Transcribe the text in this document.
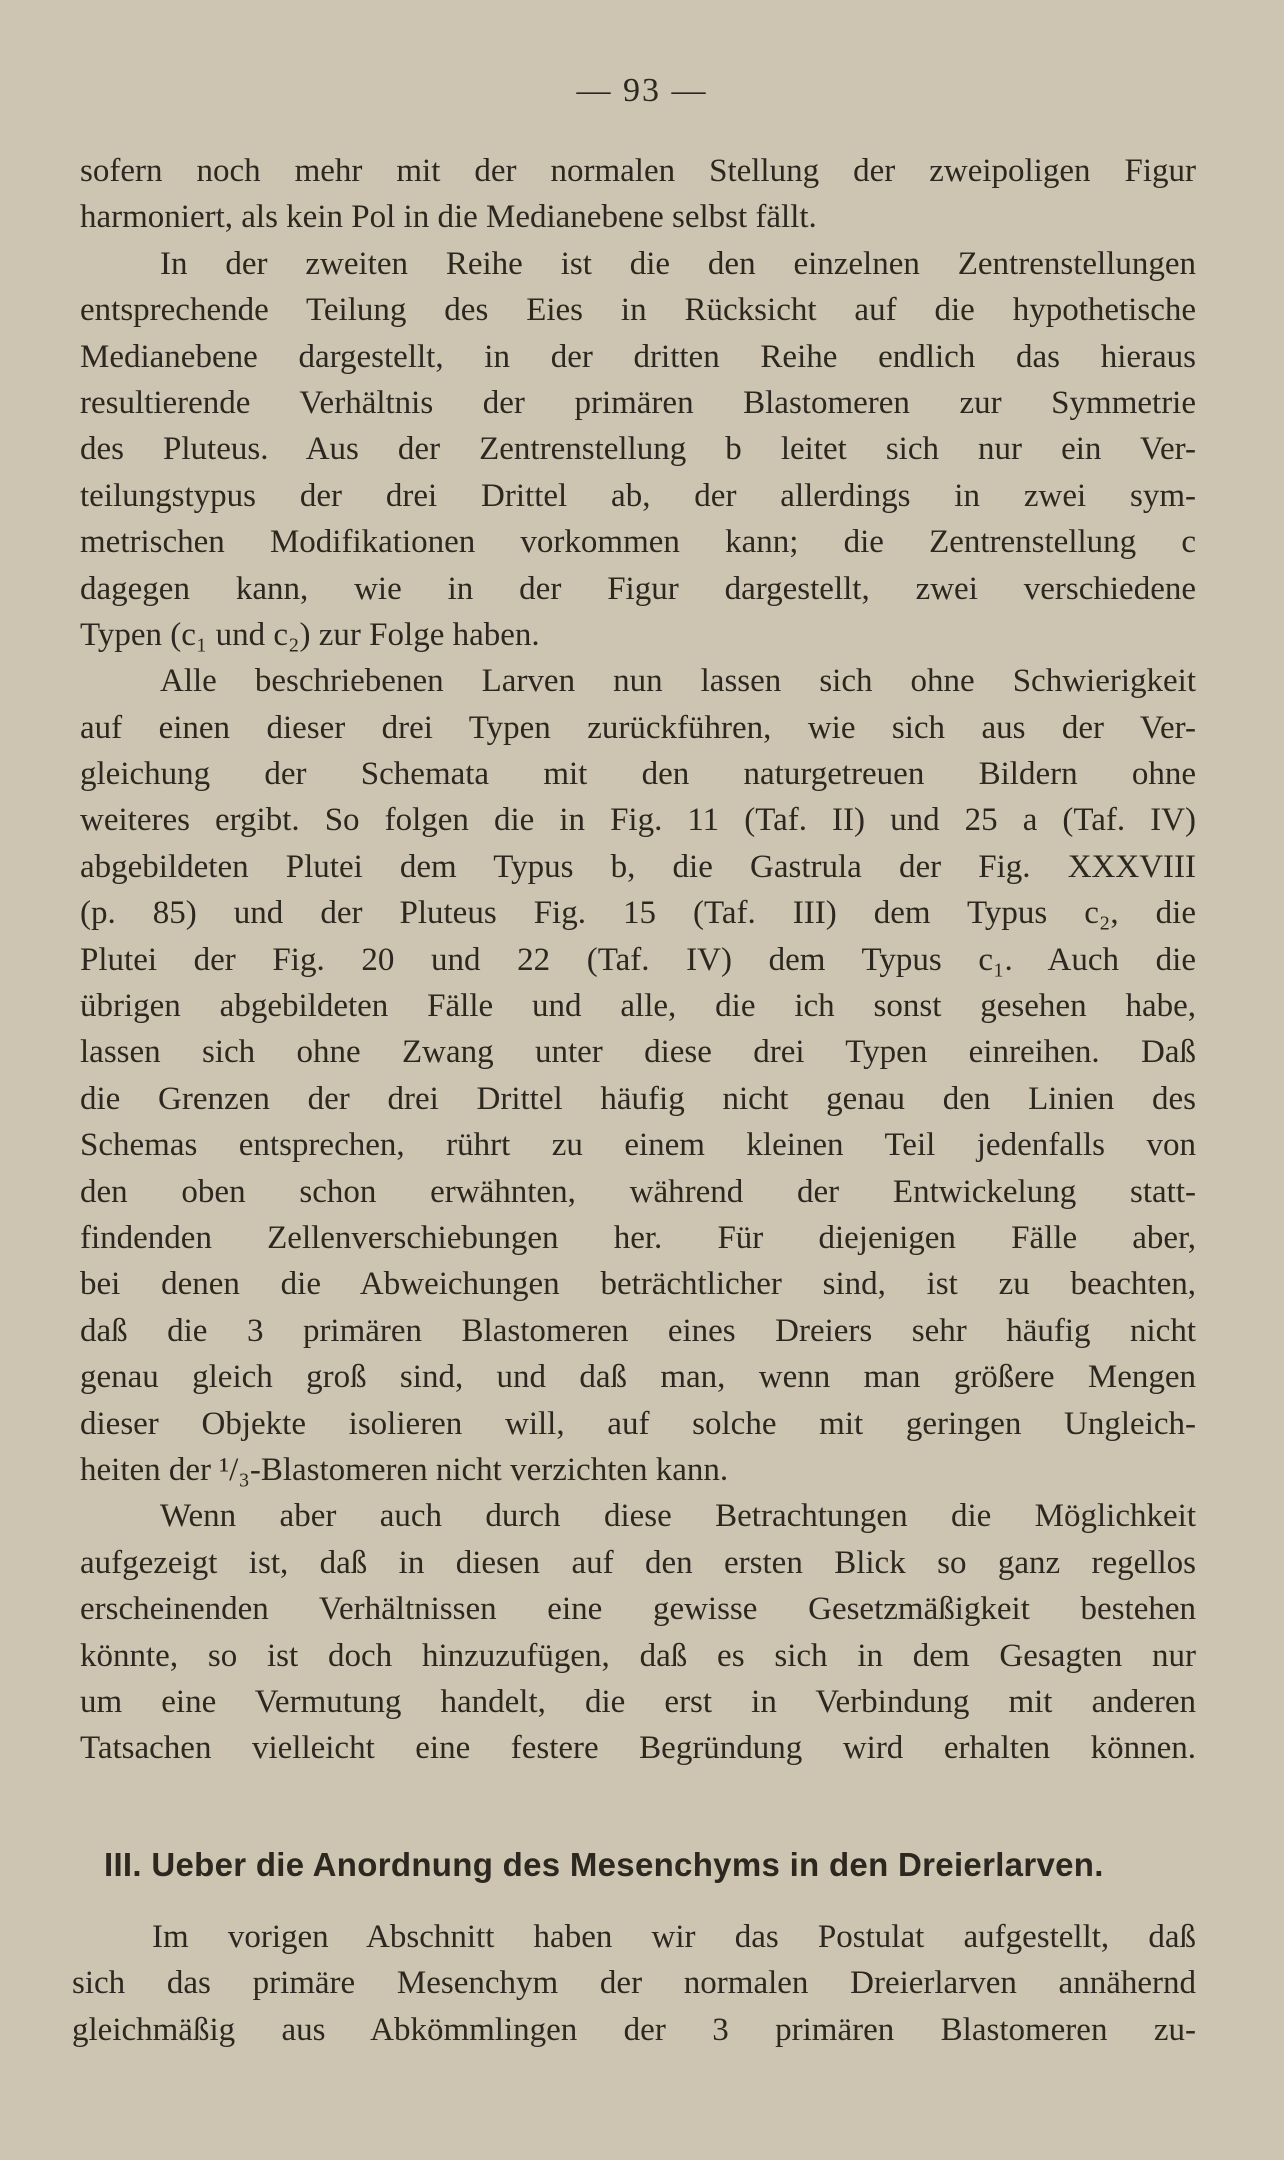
— 93 —
sofern noch mehr mit der normalen Stellung der zweipoligen Figur
harmoniert, als kein Pol in die Medianebene selbst fällt.
In der zweiten Reihe ist die den einzelnen Zentrenstellungen
entsprechende Teilung des Eies in Rücksicht auf die hypothetische
Medianebene dargestellt, in der dritten Reihe endlich das hieraus
resultierende Verhältnis der primären Blastomeren zur Symmetrie
des Pluteus. Aus der Zentrenstellung b leitet sich nur ein Ver-
teilungstypus der drei Drittel ab, der allerdings in zwei sym-
metrischen Modifikationen vorkommen kann; die Zentrenstellung c
dagegen kann, wie in der Figur dargestellt, zwei verschiedene
Typen (c₁ und c₂) zur Folge haben.
Alle beschriebenen Larven nun lassen sich ohne Schwierigkeit
auf einen dieser drei Typen zurückführen, wie sich aus der Ver-
gleichung der Schemata mit den naturgetreuen Bildern ohne
weiteres ergibt. So folgen die in Fig. 11 (Taf. II) und 25 a (Taf. IV)
abgebildeten Plutei dem Typus b, die Gastrula der Fig. XXXVIII
(p. 85) und der Pluteus Fig. 15 (Taf. III) dem Typus c₂, die
Plutei der Fig. 20 und 22 (Taf. IV) dem Typus c₁. Auch die
übrigen abgebildeten Fälle und alle, die ich sonst gesehen habe,
lassen sich ohne Zwang unter diese drei Typen einreihen. Daß
die Grenzen der drei Drittel häufig nicht genau den Linien des
Schemas entsprechen, rührt zu einem kleinen Teil jedenfalls von
den oben schon erwähnten, während der Entwickelung statt-
findenden Zellenverschiebungen her. Für diejenigen Fälle aber,
bei denen die Abweichungen beträchtlicher sind, ist zu beachten,
daß die 3 primären Blastomeren eines Dreiers sehr häufig nicht
genau gleich groß sind, und daß man, wenn man größere Mengen
dieser Objekte isolieren will, auf solche mit geringen Ungleich-
heiten der ¹/₃-Blastomeren nicht verzichten kann.
Wenn aber auch durch diese Betrachtungen die Möglichkeit
aufgezeigt ist, daß in diesen auf den ersten Blick so ganz regellos
erscheinenden Verhältnissen eine gewisse Gesetzmäßigkeit bestehen
könnte, so ist doch hinzuzufügen, daß es sich in dem Gesagten nur
um eine Vermutung handelt, die erst in Verbindung mit anderen
Tatsachen vielleicht eine festere Begründung wird erhalten können.
III. Ueber die Anordnung des Mesenchyms in den Dreierlarven.
Im vorigen Abschnitt haben wir das Postulat aufgestellt, daß
sich das primäre Mesenchym der normalen Dreierlarven annähernd
gleichmäßig aus Abkömmlingen der 3 primären Blastomeren zu-
